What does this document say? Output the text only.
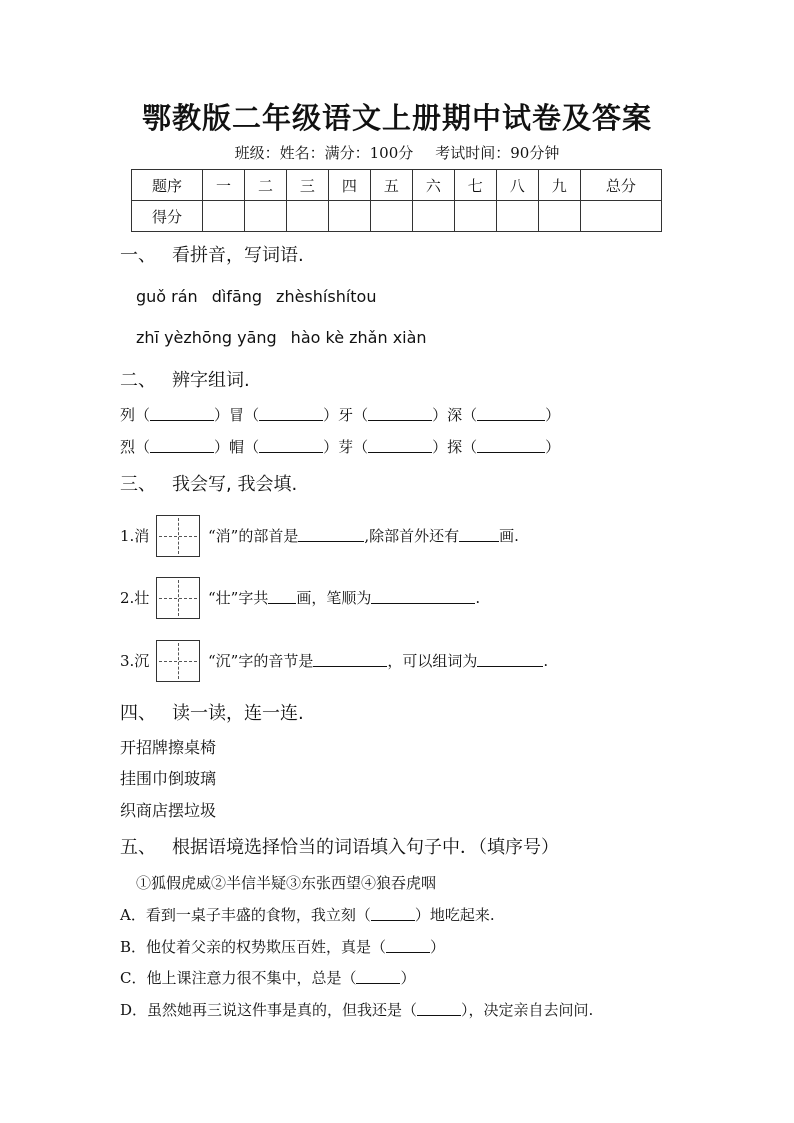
鄂教版二年级语文上册期中试卷及答案
班级：姓名：满分：100分 考试时间：90分钟
题序	一	二	三	四	五	六	七	八	九	总分
得分										
一、 看拼音，写词语.
guǒ rán dìfāng zhèshíshítou
zhī yèzhōng yāng hào kè zhǎn xiàn
二、 辨字组词.
列（	）冒（	）牙（	）深（	）
烈（	）帽（	）芽（	）探（	）
三、 我会写, 我会填.
1.消	“消”的部首是	,除部首外还有	画.
2.壮	“壮”字共 画，笔顺为	.
3.沉	“沉”字的音节是	，可以组词为	.
四、 读一读，连一连.
开招牌擦桌椅
挂围巾倒玻璃
织商店摆垃圾
五、 根据语境选择恰当的词语填入句子中．（填序号）
①狐假虎威②半信半疑③东张西望④狼吞虎咽
A．看到一桌子丰盛的食物，我立刻（	）地吃起来.
B．他仗着父亲的权势欺压百姓，真是（	）
C．他上课注意力很不集中，总是（	）
D．虽然她再三说这件事是真的，但我还是（	），决定亲自去问问.
